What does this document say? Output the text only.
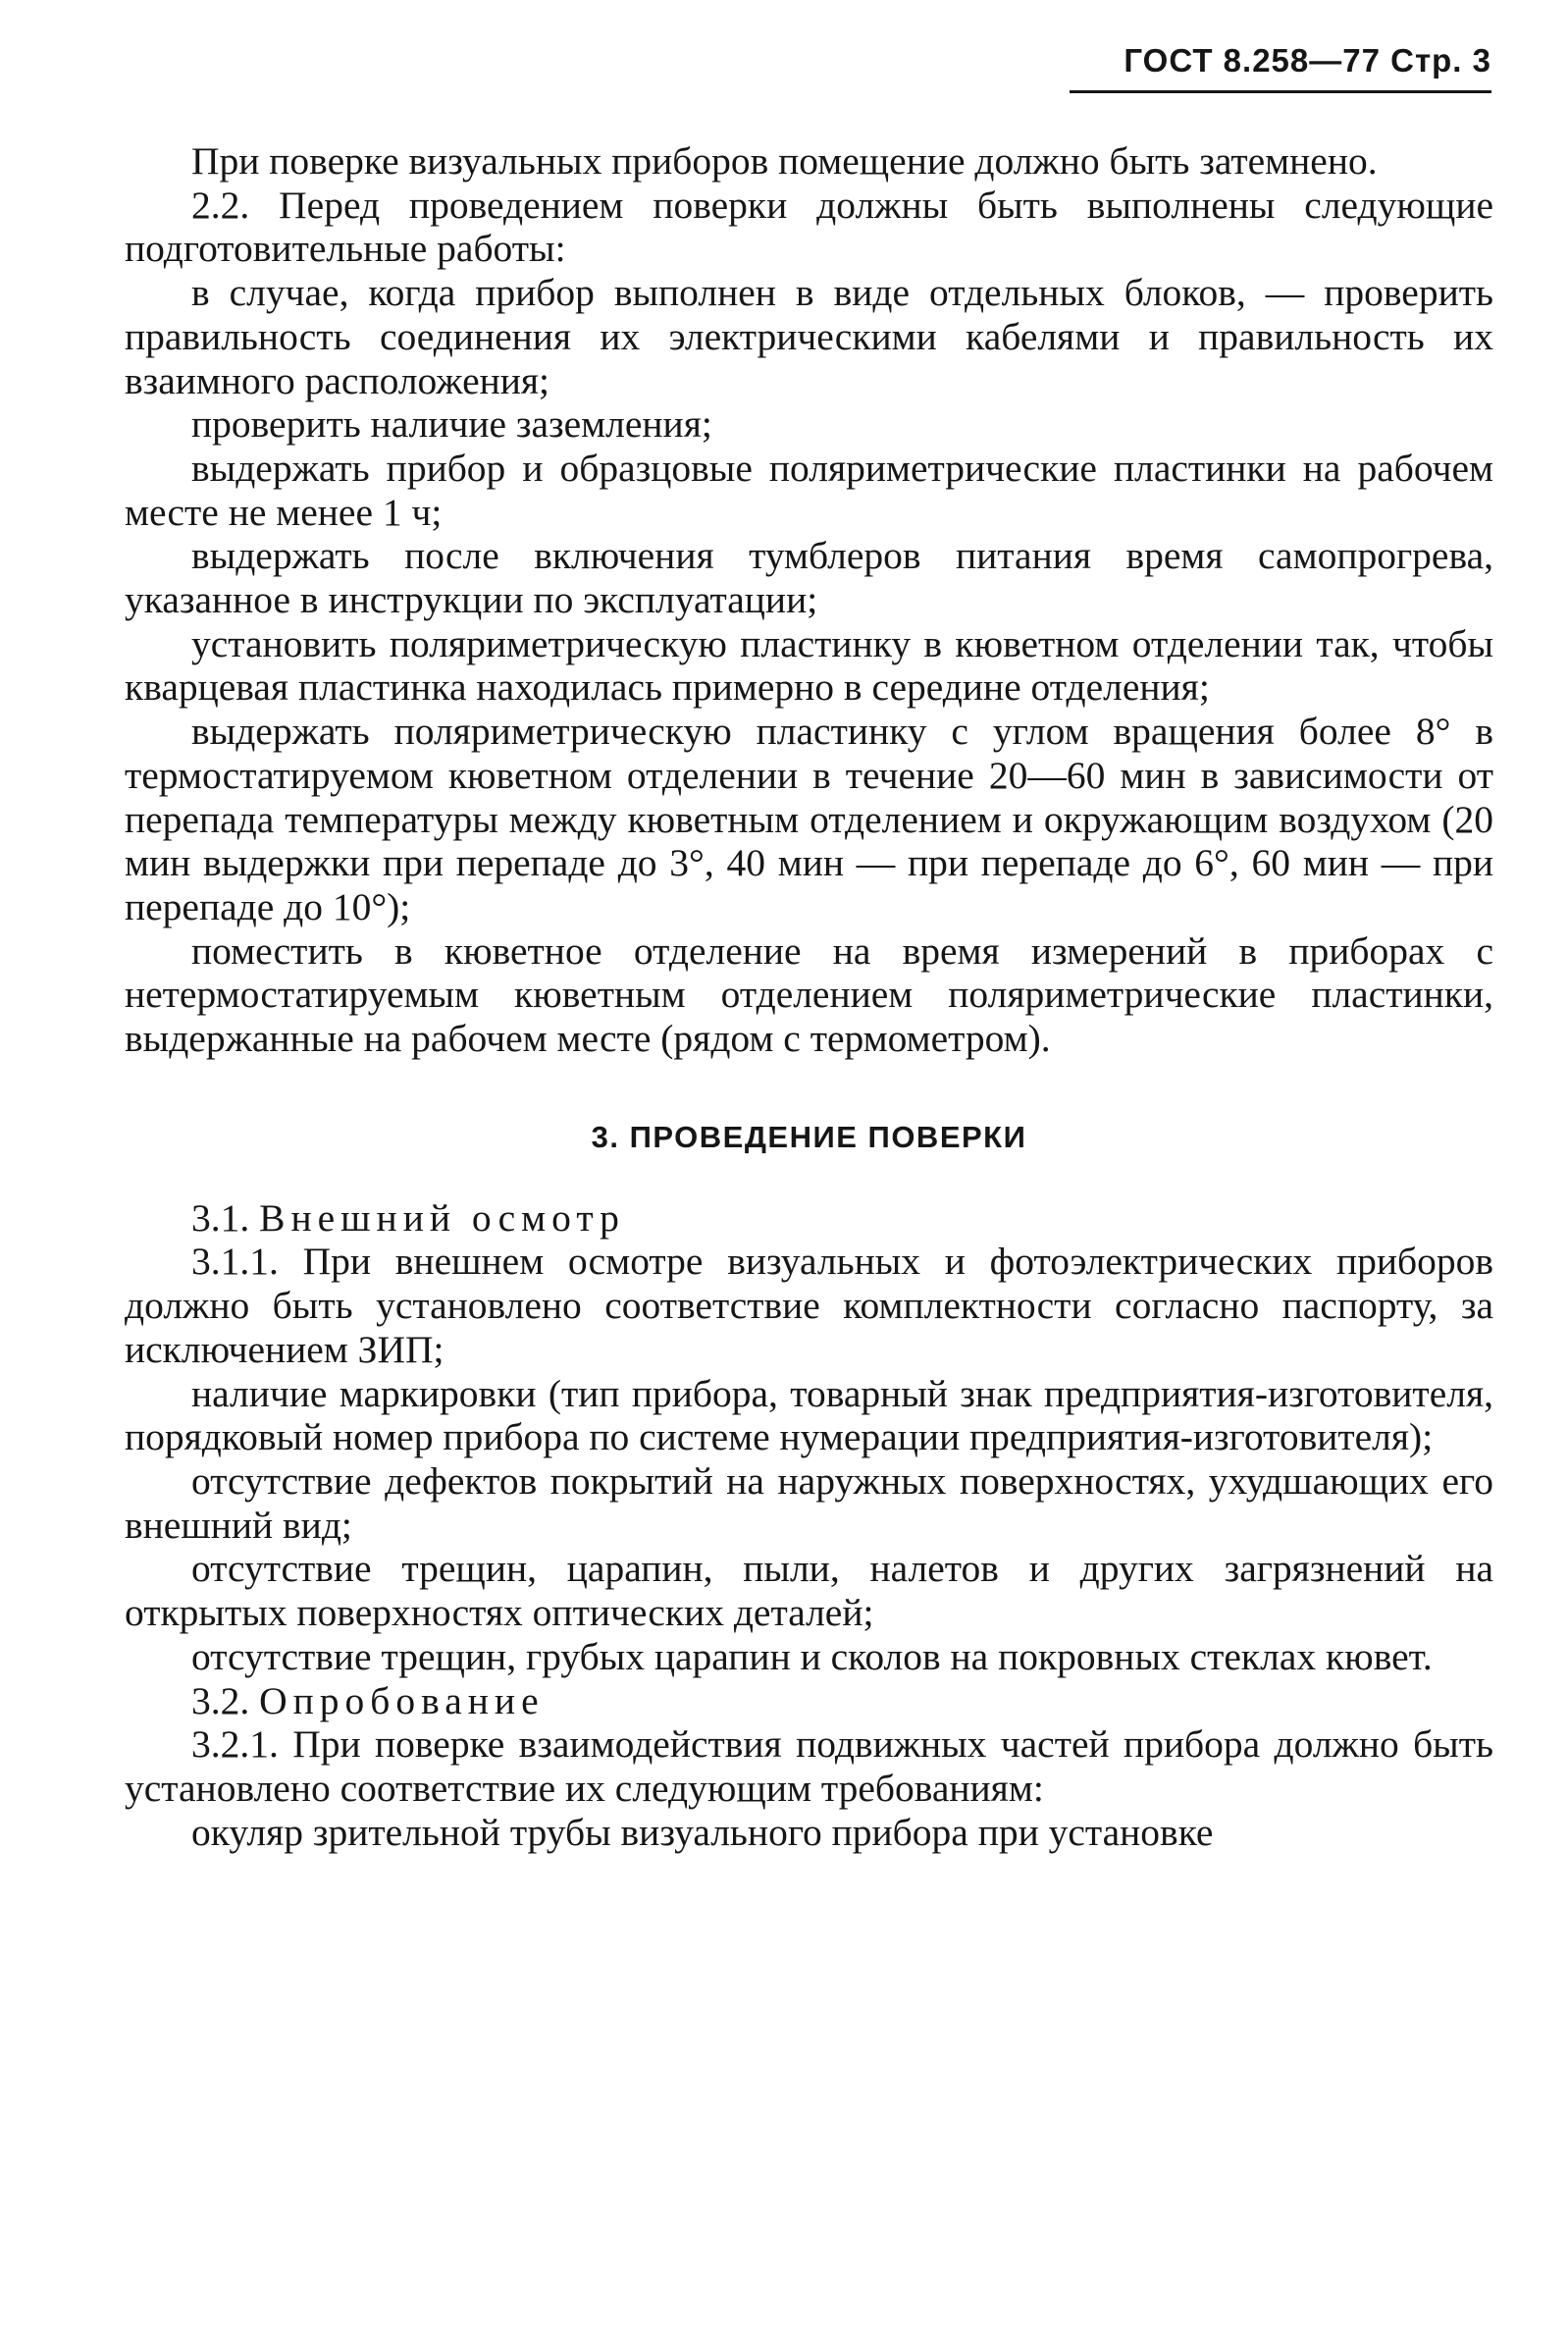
ГОСТ 8.258—77 Стр. 3

При поверке визуальных приборов помещение должно быть затемнено.

2.2. Перед проведением поверки должны быть выполнены следующие подготовительные работы:

в случае, когда прибор выполнен в виде отдельных блоков, — проверить правильность соединения их электрическими кабелями и правильность их взаимного расположения;

проверить наличие заземления;

выдержать прибор и образцовые поляриметрические пластинки на рабочем месте не менее 1 ч;

выдержать после включения тумблеров питания время самопрогрева, указанное в инструкции по эксплуатации;

установить поляриметрическую пластинку в кюветном отделении так, чтобы кварцевая пластинка находилась примерно в середине отделения;

выдержать поляриметрическую пластинку с углом вращения более 8° в термостатируемом кюветном отделении в течение 20—60 мин в зависимости от перепада температуры между кюветным отделением и окружающим воздухом (20 мин выдержки при перепаде до 3°, 40 мин — при перепаде до 6°, 60 мин — при перепаде до 10°);

поместить в кюветное отделение на время измерений в приборах с нетермостатируемым кюветным отделением поляриметрические пластинки, выдержанные на рабочем месте (рядом с термометром).

3. ПРОВЕДЕНИЕ ПОВЕРКИ

3.1. Внешний осмотр

3.1.1. При внешнем осмотре визуальных и фотоэлектрических приборов должно быть установлено соответствие комплектности согласно паспорту, за исключением ЗИП;

наличие маркировки (тип прибора, товарный знак предприятия-изготовителя, порядковый номер прибора по системе нумерации предприятия-изготовителя);

отсутствие дефектов покрытий на наружных поверхностях, ухудшающих его внешний вид;

отсутствие трещин, царапин, пыли, налетов и других загрязнений на открытых поверхностях оптических деталей;

отсутствие трещин, грубых царапин и сколов на покровных стеклах кювет.

3.2. Опробование

3.2.1. При поверке взаимодействия подвижных частей прибора должно быть установлено соответствие их следующим требованиям:

окуляр зрительной трубы визуального прибора при установке
